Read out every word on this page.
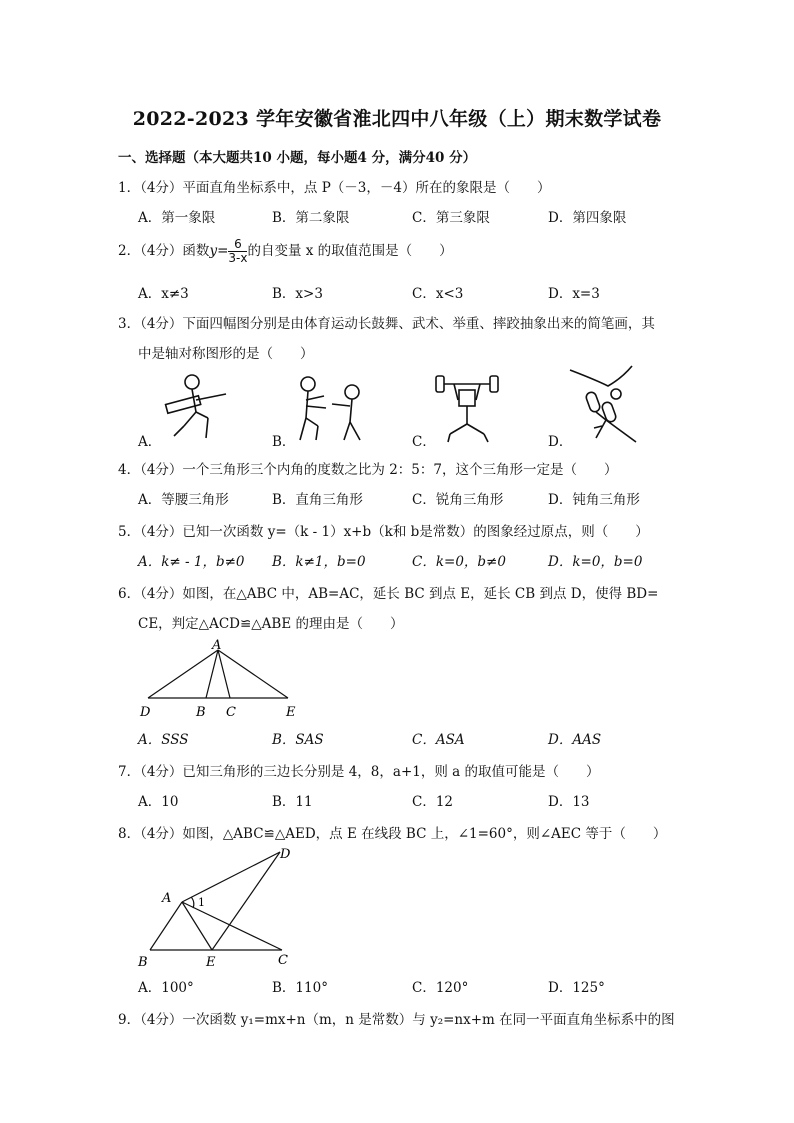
2022-2023 学年安徽省淮北四中八年级（上）期末数学试卷
一、选择题（本大题共10 小题，每小题4 分，满分40 分）
1．（4分）平面直角坐标系中，点 P（－3，－4）所在的象限是（　　）
A．第一象限	B．第二象限	C．第三象限	D．第四象限
2．（4分）函数$y= \frac{6}{3-x}$ 的自变量 x 的取值范围是（　　）
A．x≠3	B．x>3	C．x<3	D．x=3
3．（4分）下面四幅图分别是由体育运动长鼓舞、武术、举重、摔跤抽象出来的简笔画，其
中是轴对称图形的是（　　）
A．	B．	C．	D．
4．（4分）一个三角形三个内角的度数之比为 2：5：7，这个三角形一定是（　　）
A．等腰三角形	B．直角三角形	C．锐角三角形	D．钝角三角形
5．（4分）已知一次函数 y=（k - 1）x+b（k和 b是常数）的图象经过原点，则（　　）
A．k≠ - 1，b≠0 B．k≠1，b=0	C．k=0，b≠0	D．k=0，b=0
6．（4分）如图，在△ABC 中，AB=AC，延长 BC 到点 E，延长 CB 到点 D，使得 BD=
CE，判定△ACD≌△ABE 的理由是（　　）
A
D	B C	E
A．SSS	B．SAS	C．ASA	D．AAS
7．（4分）已知三角形的三边长分别是 4，8，a+1，则 a 的取值可能是（　　）
A．10	B．11	C．12	D．13
8．（4分）如图，△ABC≌△AED，点 E 在线段 BC 上，∠1=60°，则∠AEC 等于（　　）
A
D
B	E	C
1
A．100°	B．110°	C．120°	D．125°
9．（4分）一次函数 y₁=mx+n（m，n 是常数）与 y₂=nx+m 在同一平面直角坐标系中的图
